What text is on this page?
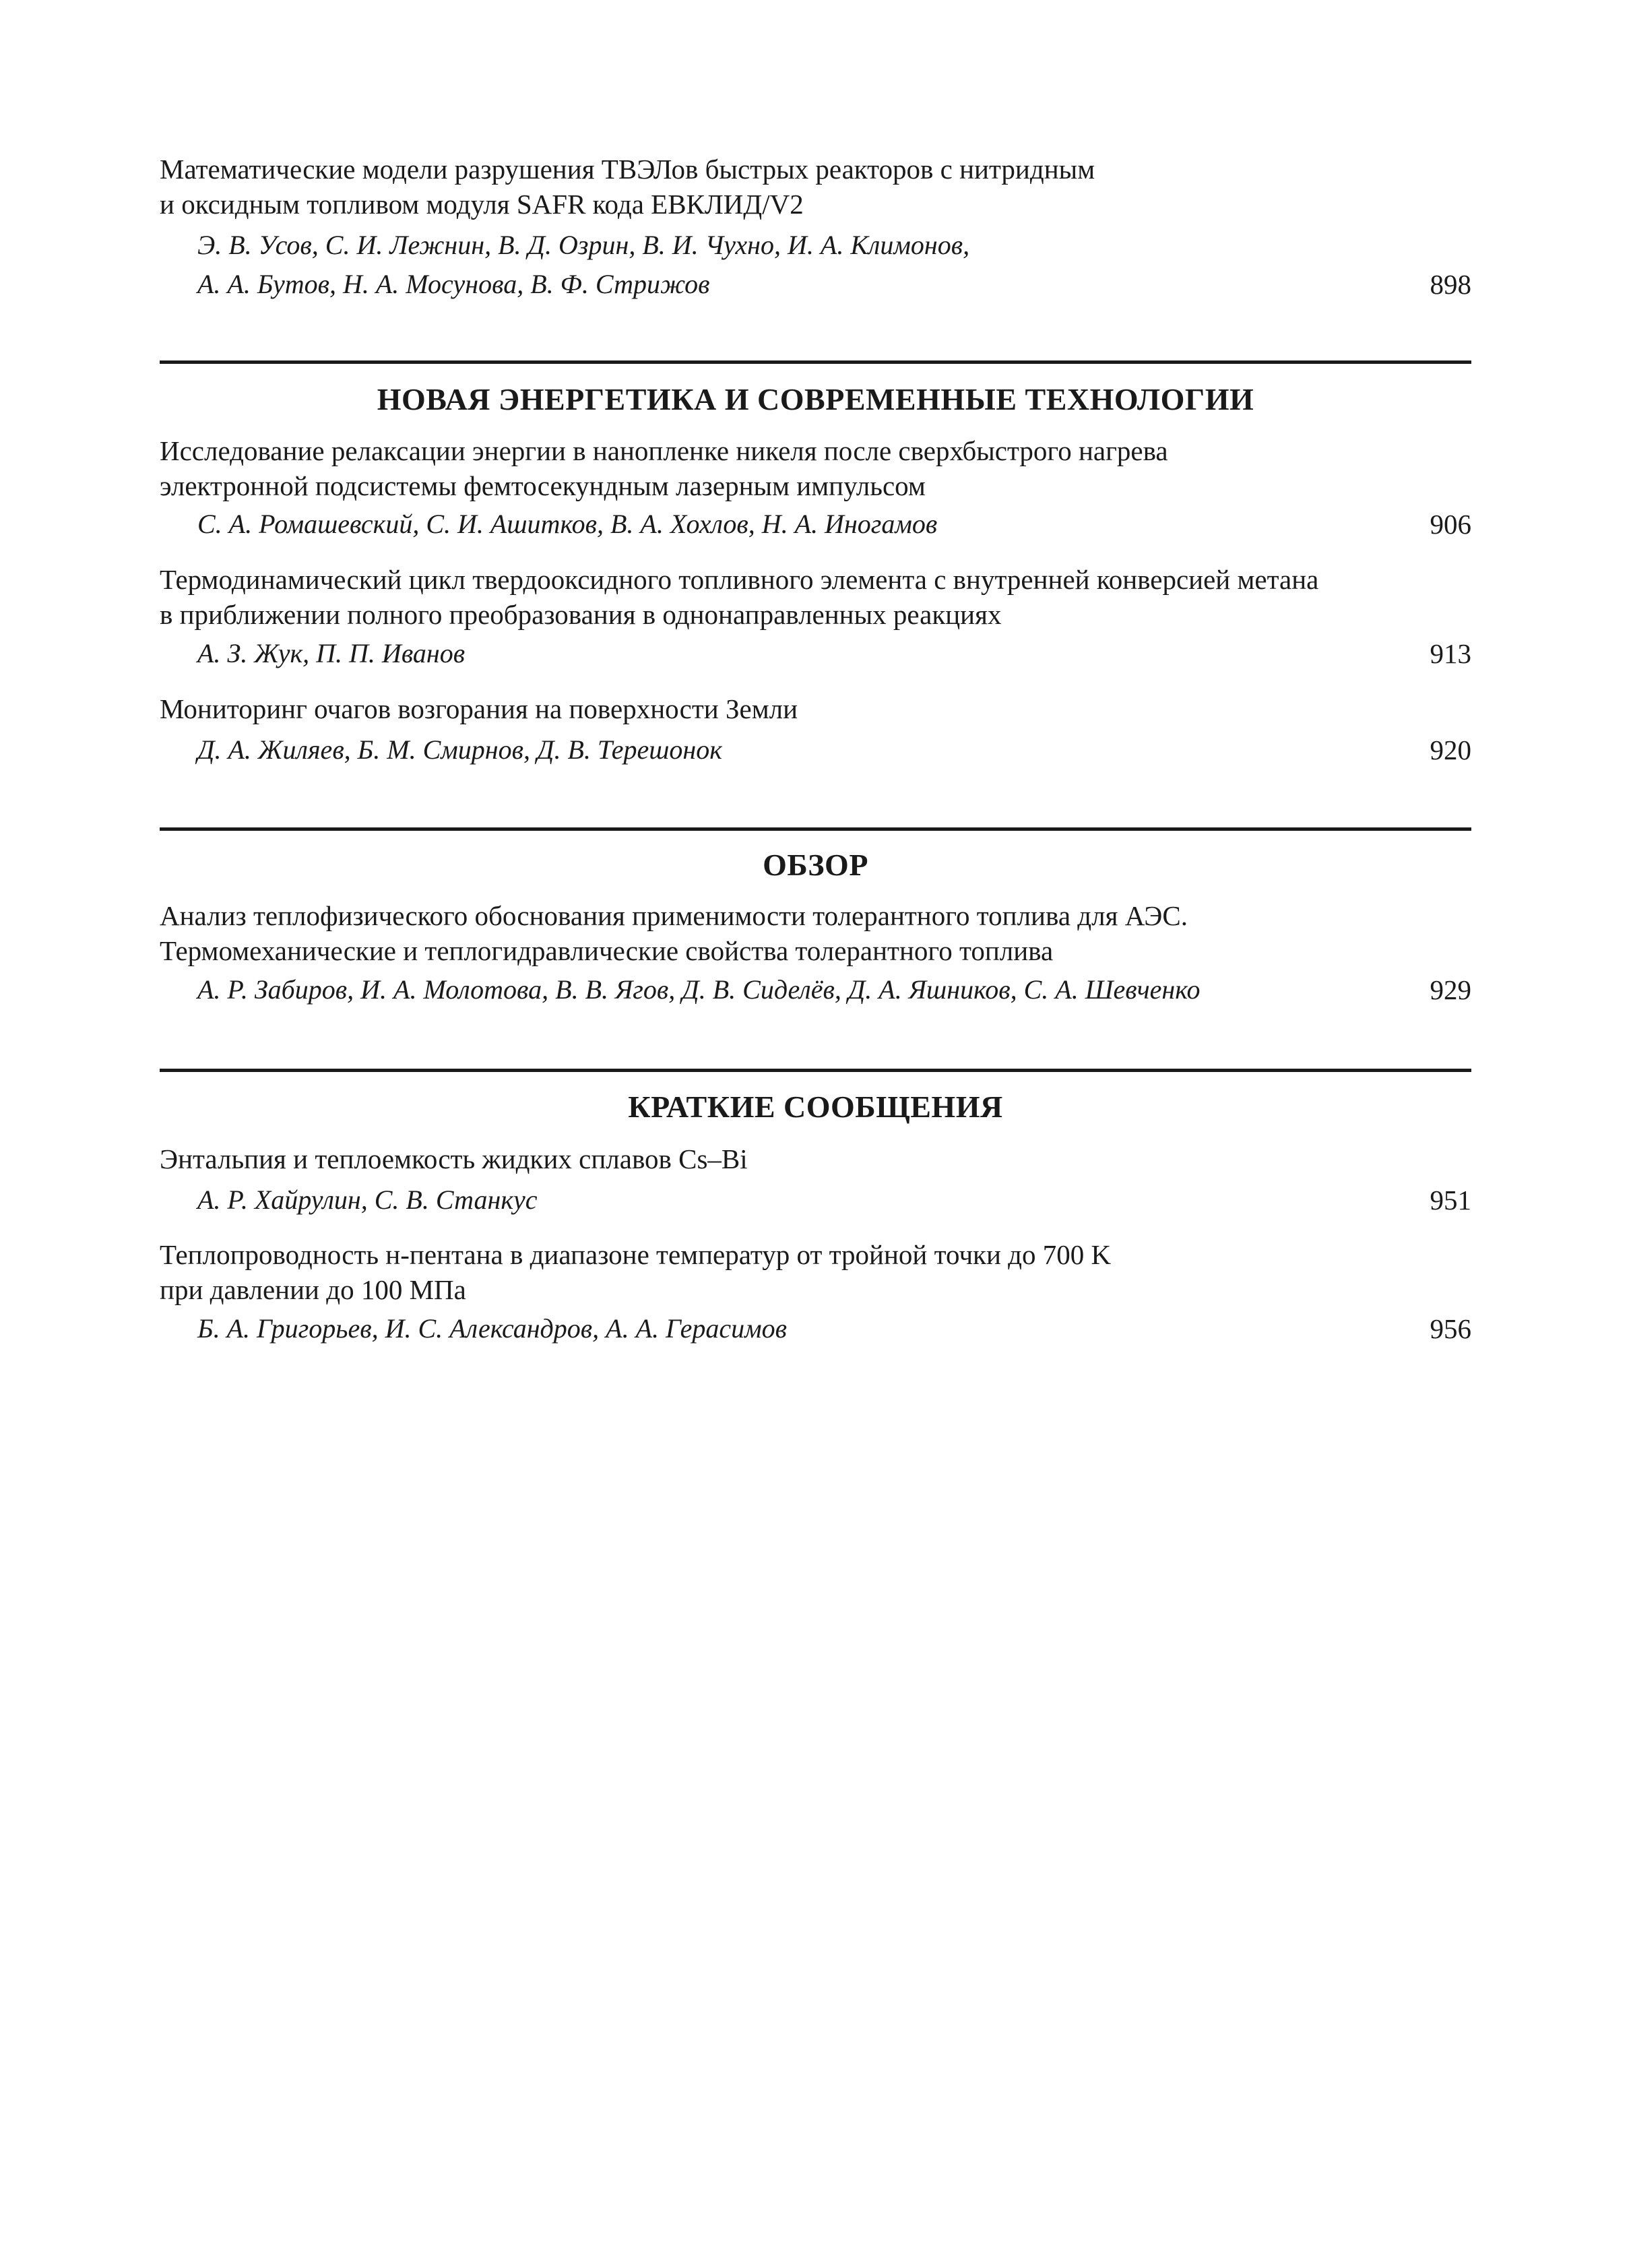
Математические модели разрушения ТВЭЛов быстрых реакторов с нитридным
и оксидным топливом модуля SAFR кода ЕВКЛИД/V2
Э. В. Усов, С. И. Лежнин, В. Д. Озрин, В. И. Чухно, И. А. Климонов,
А. А. Бутов, Н. А. Мосунова, В. Ф. Стрижов	898
НОВАЯ ЭНЕРГЕТИКА И СОВРЕМЕННЫЕ ТЕХНОЛОГИИ
Исследование релаксации энергии в нанопленке никеля после сверхбыстрого нагрева
электронной подсистемы фемтосекундным лазерным импульсом
С. А. Ромашевский, С. И. Ашитков, В. А. Хохлов, Н. А. Иногамов	906
Термодинамический цикл твердооксидного топливного элемента с внутренней конверсией метана
в приближении полного преобразования в однонаправленных реакциях
А. З. Жук, П. П. Иванов	913
Мониторинг очагов возгорания на поверхности Земли
Д. А. Жиляев, Б. М. Смирнов, Д. В. Терешонок	920
ОБЗОР
Анализ теплофизического обоснования применимости толерантного топлива для АЭС.
Термомеханические и теплогидравлические свойства толерантного топлива
А. Р. Забиров, И. А. Молотова, В. В. Ягов, Д. В. Сиделёв, Д. А. Яшников, С. А. Шевченко	929
КРАТКИЕ СООБЩЕНИЯ
Энтальпия и теплоемкость жидких сплавов Cs–Bi
А. Р. Хайрулин, С. В. Станкус	951
Теплопроводность н-пентана в диапазоне температур от тройной точки до 700 K
при давлении до 100 МПа
Б. А. Григорьев, И. С. Александров, А. А. Герасимов	956
